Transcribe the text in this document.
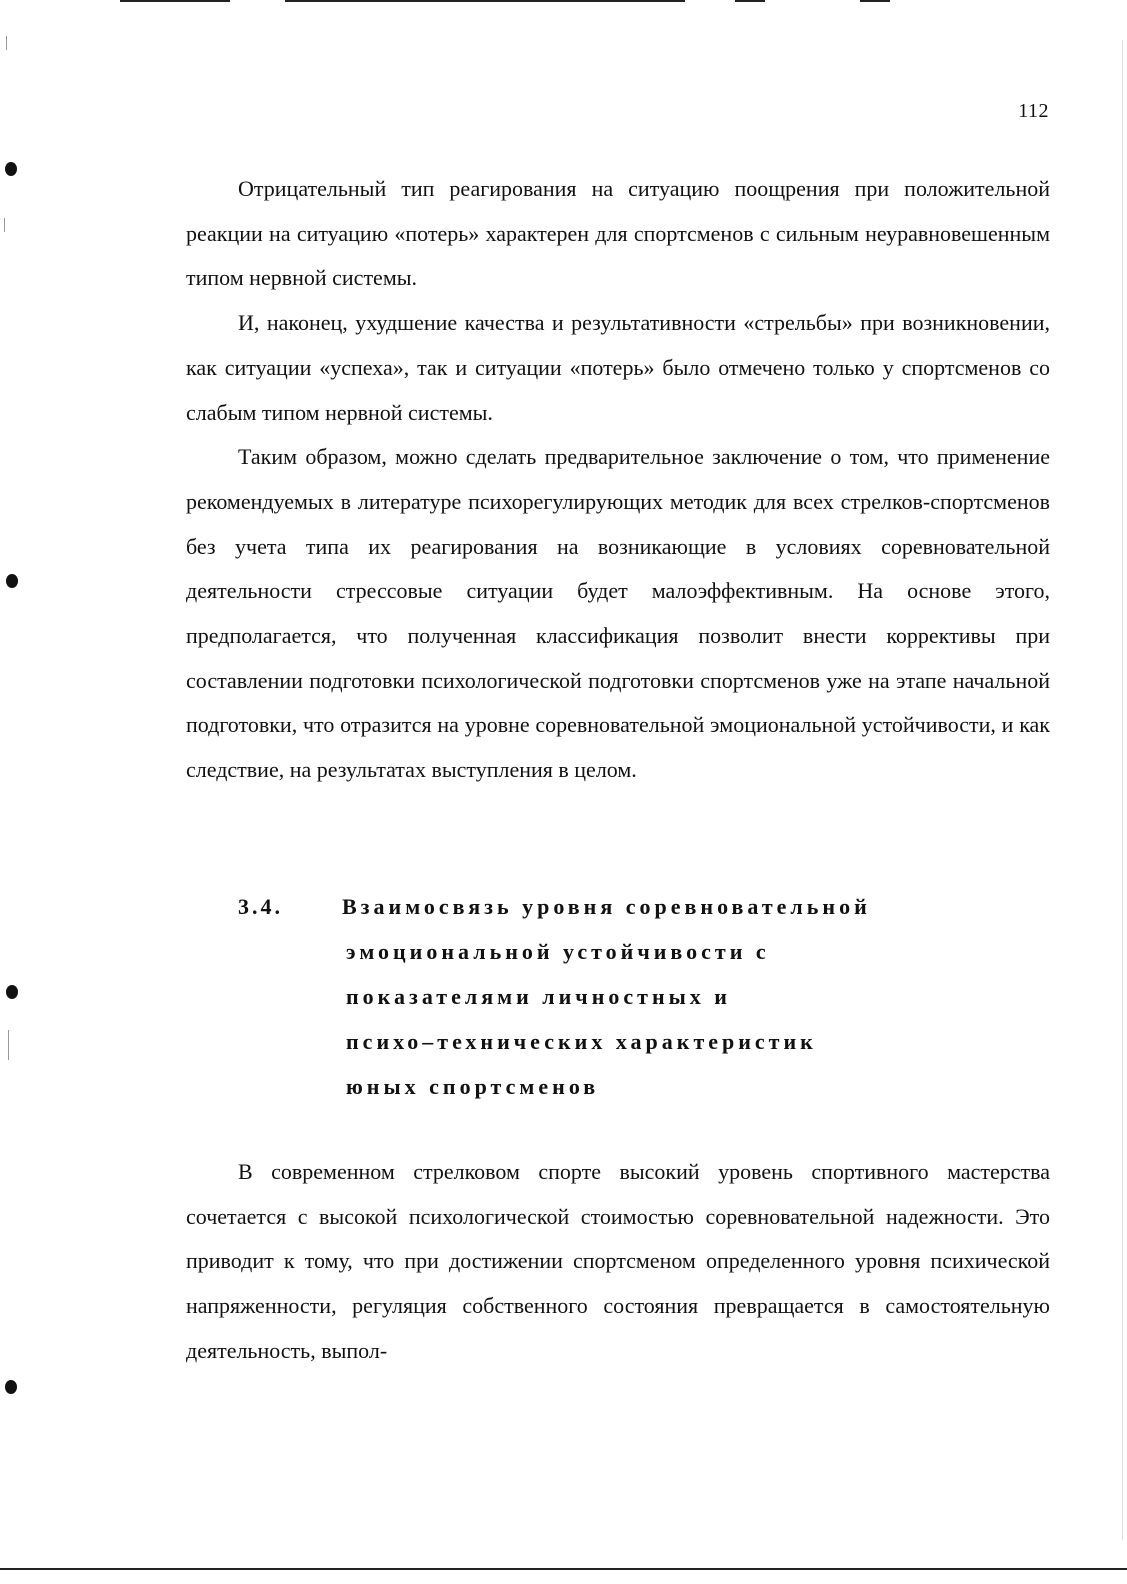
112

Отрицательный тип реагирования на ситуацию поощрения при положительной реакции на ситуацию «потерь» характерен для спортсменов с сильным неуравновешенным типом нервной системы.

И, наконец, ухудшение качества и результативности «стрельбы» при возникновении, как ситуации «успеха», так и ситуации «потерь» было отмечено только у спортсменов со слабым типом нервной системы.

Таким образом, можно сделать предварительное заключение о том, что применение рекомендуемых в литературе психорегулирующих методик для всех стрелков-спортсменов без учета типа их реагирования на возникающие в условиях соревновательной деятельности стрессовые ситуации будет малоэффективным. На основе этого, предполагается, что полученная классификация позволит внести коррективы при составлении подготовки психологической подготовки спортсменов уже на этапе начальной подготовки, что отразится на уровне соревновательной эмоциональной устойчивости, и как следствие, на результатах выступления в целом.

3.4.	Взаимосвязь уровня соревновательной
эмоциональной устойчивости с
показателями личностных и
психо–технических характеристик
юных спортсменов

В современном стрелковом спорте высокий уровень спортивного мастерства сочетается с высокой психологической стоимостью соревновательной надежности. Это приводит к тому, что при достижении спортсменом определенного уровня психической напряженности, регуляция собственного состояния превращается в самостоятельную деятельность, выпол-
